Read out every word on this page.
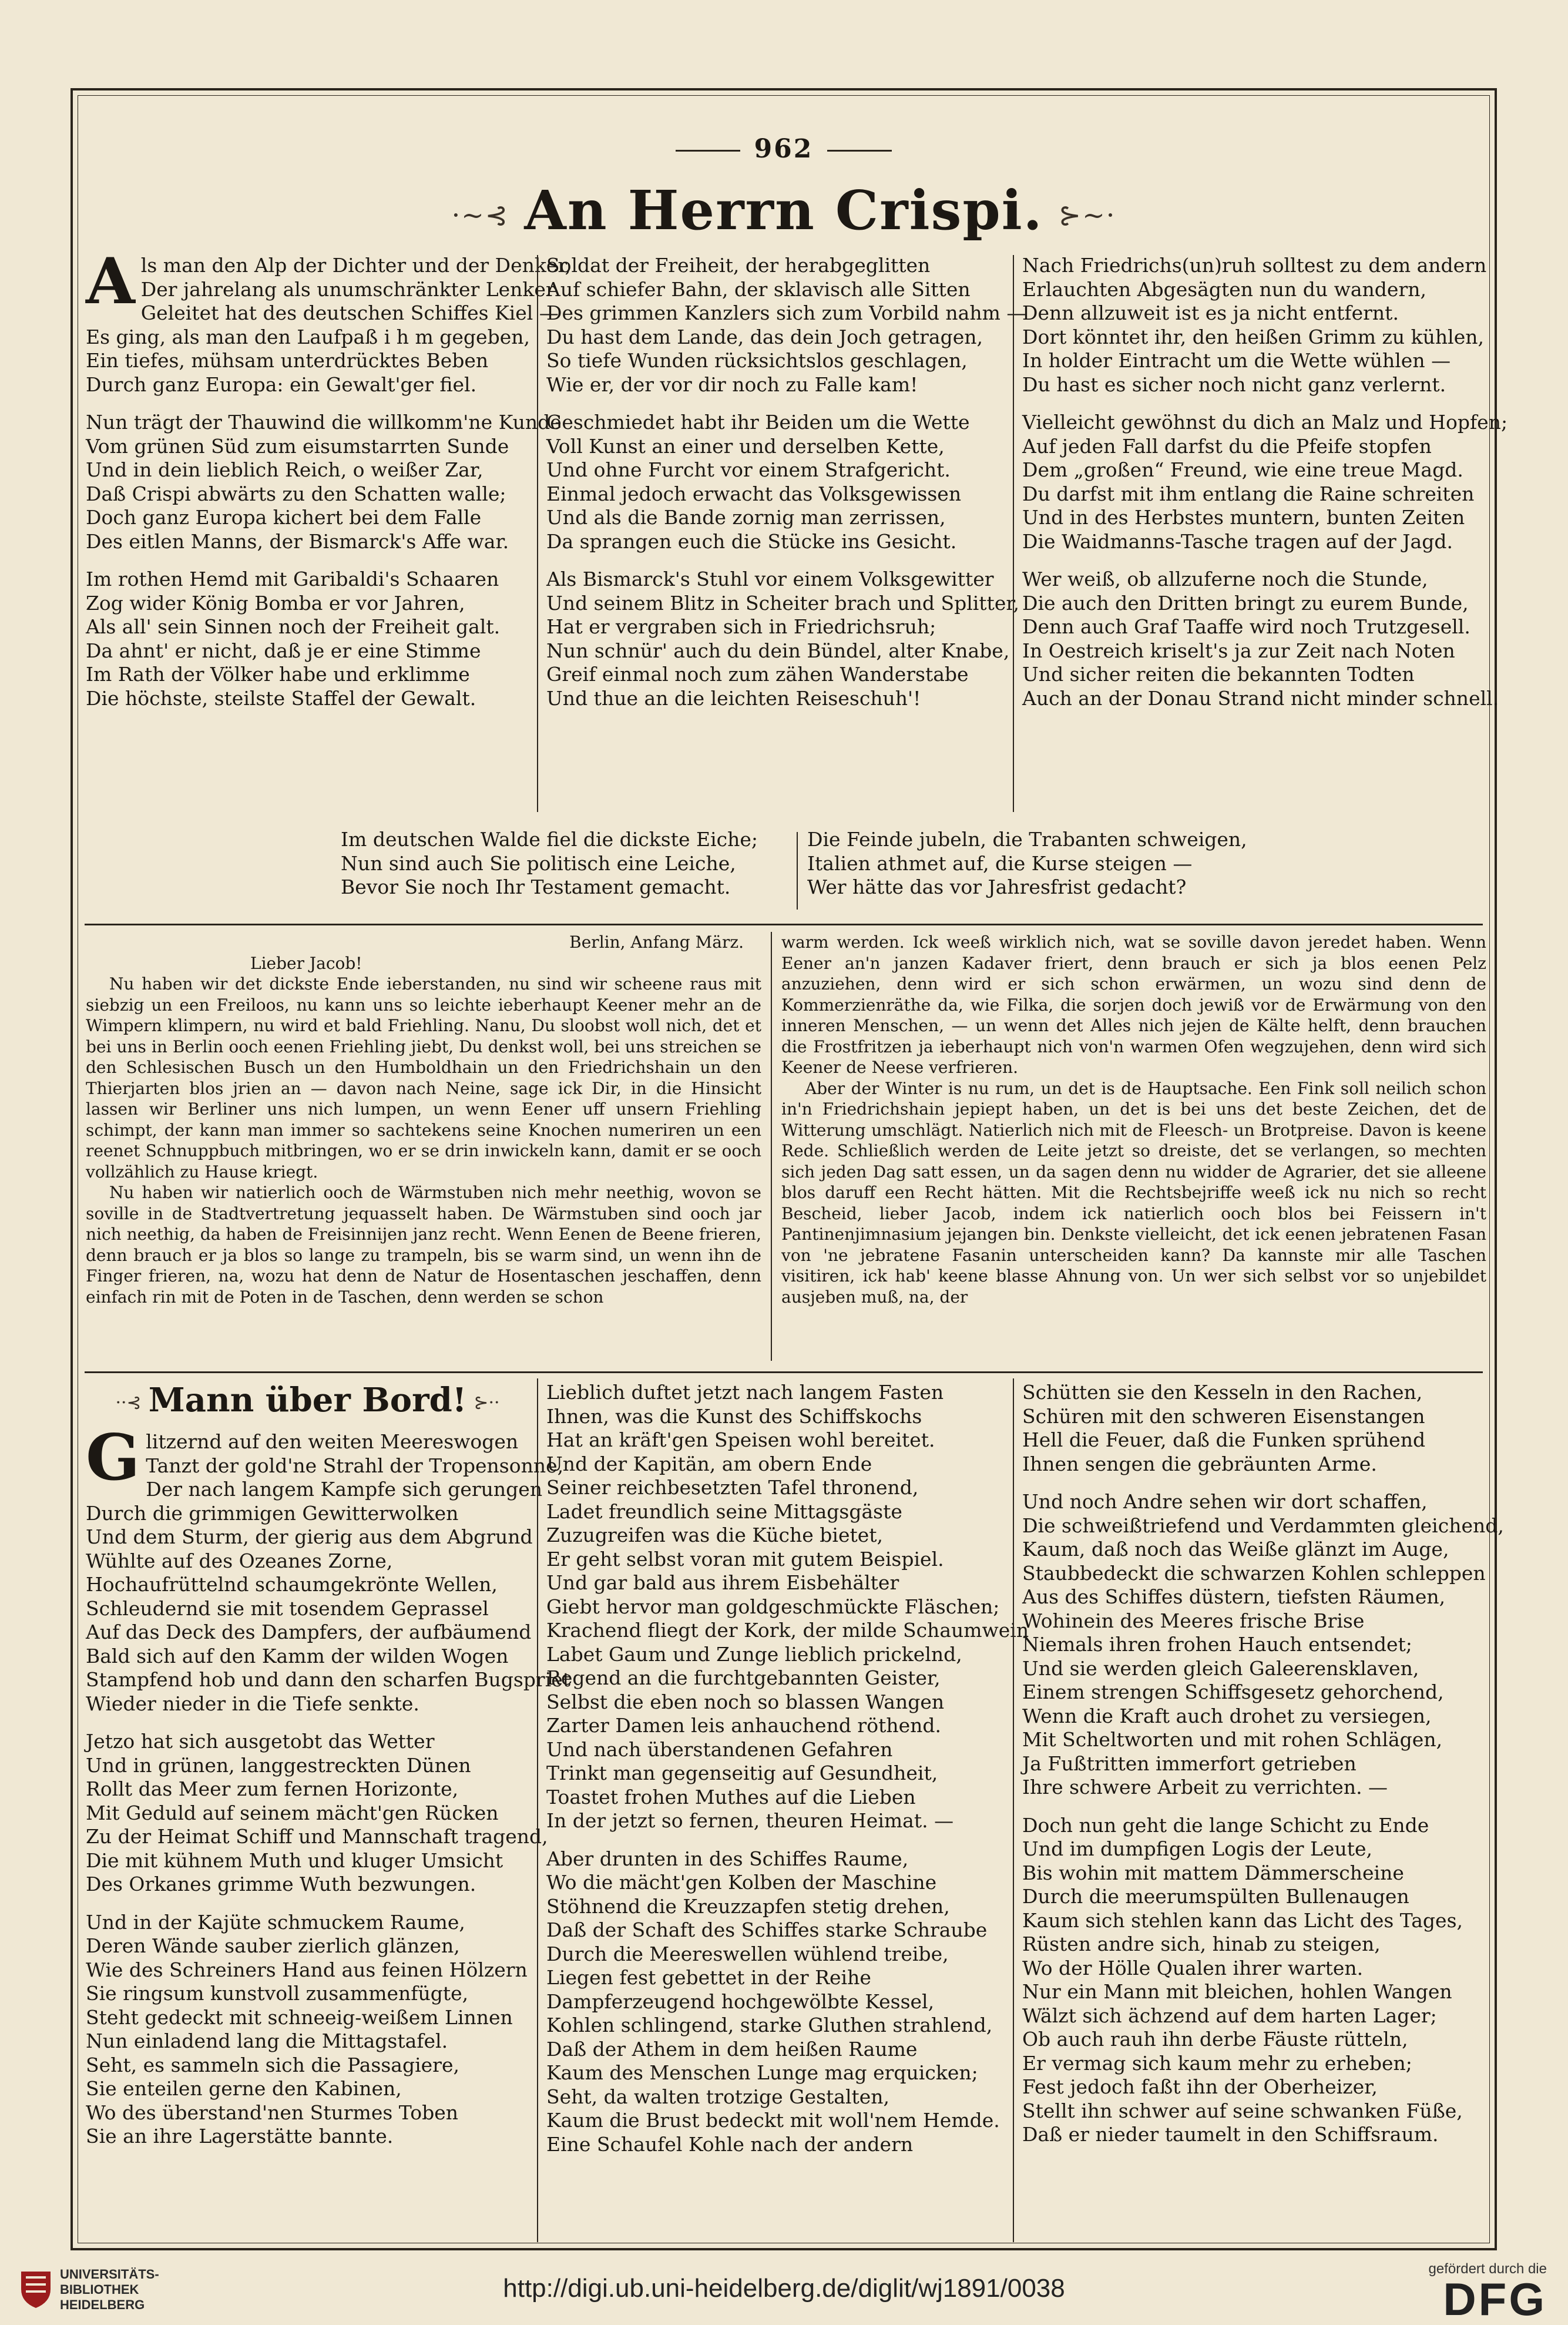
962
·~⊰ An Herrn Crispi. ⊱~·

Als man den Alp der Dichter und der Denker,

Der jahrelang als unumschränkter Lenker

Geleitet hat des deutschen Schiffes Kiel —

Es ging, als man den Laufpaß i h m gegeben,

Ein tiefes, mühsam unterdrücktes Beben

Durch ganz Europa: ein Gewalt'ger fiel.

Nun trägt der Thauwind die willkomm'ne Kunde

Vom grünen Süd zum eisumstarrten Sunde

Und in dein lieblich Reich, o weißer Zar,

Daß Crispi abwärts zu den Schatten walle;

Doch ganz Europa kichert bei dem Falle

Des eitlen Manns, der Bismarck's Affe war.

Im rothen Hemd mit Garibaldi's Schaaren

Zog wider König Bomba er vor Jahren,

Als all' sein Sinnen noch der Freiheit galt.

Da ahnt' er nicht, daß je er eine Stimme

Im Rath der Völker habe und erklimme

Die höchste, steilste Staffel der Gewalt.

Soldat der Freiheit, der herabgeglitten

Auf schiefer Bahn, der sklavisch alle Sitten

Des grimmen Kanzlers sich zum Vorbild nahm —

Du hast dem Lande, das dein Joch getragen,

So tiefe Wunden rücksichtslos geschlagen,

Wie er, der vor dir noch zu Falle kam!

Geschmiedet habt ihr Beiden um die Wette

Voll Kunst an einer und derselben Kette,

Und ohne Furcht vor einem Strafgericht.

Einmal jedoch erwacht das Volksgewissen

Und als die Bande zornig man zerrissen,

Da sprangen euch die Stücke ins Gesicht.

Als Bismarck's Stuhl vor einem Volksgewitter

Und seinem Blitz in Scheiter brach und Splitter,

Hat er vergraben sich in Friedrichsruh;

Nun schnür' auch du dein Bündel, alter Knabe,

Greif einmal noch zum zähen Wanderstabe

Und thue an die leichten Reiseschuh'!

Nach Friedrichs(un)ruh solltest zu dem andern

Erlauchten Abgesägten nun du wandern,

Denn allzuweit ist es ja nicht entfernt.

Dort könntet ihr, den heißen Grimm zu kühlen,

In holder Eintracht um die Wette wühlen —

Du hast es sicher noch nicht ganz verlernt.

Vielleicht gewöhnst du dich an Malz und Hopfen;

Auf jeden Fall darfst du die Pfeife stopfen

Dem „großen“ Freund, wie eine treue Magd.

Du darfst mit ihm entlang die Raine schreiten

Und in des Herbstes muntern, bunten Zeiten

Die Waidmanns-Tasche tragen auf der Jagd.

Wer weiß, ob allzuferne noch die Stunde,

Die auch den Dritten bringt zu eurem Bunde,

Denn auch Graf Taaffe wird noch Trutzgesell.

In Oestreich kriselt's ja zur Zeit nach Noten

Und sicher reiten die bekannten Todten

Auch an der Donau Strand nicht minder schnell.

Im deutschen Walde fiel die dickste Eiche;

Nun sind auch Sie politisch eine Leiche,

Bevor Sie noch Ihr Testament gemacht.

Die Feinde jubeln, die Trabanten schweigen,

Italien athmet auf, die Kurse steigen —

Wer hätte das vor Jahresfrist gedacht?

Berlin, Anfang März.
Lieber Jacob!

Nu haben wir det dickste Ende ieberstanden, nu sind wir scheene raus mit siebzig un een Freiloos, nu kann uns so leichte ieberhaupt Keener mehr an de Wimpern klimpern, nu wird et bald Friehling. Nanu, Du sloobst woll nich, det et bei uns in Berlin ooch eenen Friehling jiebt, Du denkst woll, bei uns streichen se den Schlesischen Busch un den Humboldhain un den Friedrichshain un den Thierjarten blos jrien an — davon nach Neine, sage ick Dir, in die Hinsicht lassen wir Berliner uns nich lumpen, un wenn Eener uff unsern Friehling schimpt, der kann man immer so sachtekens seine Knochen numeriren un een reenet Schnuppbuch mitbringen, wo er se drin inwickeln kann, damit er se ooch vollzählich zu Hause kriegt.

Nu haben wir natierlich ooch de Wärmstuben nich mehr neethig, wovon se soville in de Stadtvertretung jequasselt haben. De Wärmstuben sind ooch jar nich neethig, da haben de Freisinnijen janz recht. Wenn Eenen de Beene frieren, denn brauch er ja blos so lange zu trampeln, bis se warm sind, un wenn ihn de Finger frieren, na, wozu hat denn de Natur de Hosentaschen jeschaffen, denn einfach rin mit de Poten in de Taschen, denn werden se schon

warm werden. Ick weeß wirklich nich, wat se soville davon jeredet haben. Wenn Eener an'n janzen Kadaver friert, denn brauch er sich ja blos eenen Pelz anzuziehen, denn wird er sich schon erwärmen, un wozu sind denn de Kommerzienräthe da, wie Filka, die sorjen doch jewiß vor de Erwärmung von den inneren Menschen, — un wenn det Alles nich jejen de Kälte helft, denn brauchen die Frostfritzen ja ieberhaupt nich von'n warmen Ofen wegzujehen, denn wird sich Keener de Neese verfrieren.

Aber der Winter is nu rum, un det is de Hauptsache. Een Fink soll neilich schon in'n Friedrichshain jepiept haben, un det is bei uns det beste Zeichen, det de Witterung umschlägt. Natierlich nich mit de Fleesch- un Brotpreise. Davon is keene Rede. Schließlich werden de Leite jetzt so dreiste, det se verlangen, so mechten sich jeden Dag satt essen, un da sagen denn nu widder de Agrarier, det sie alleene blos daruff een Recht hätten. Mit die Rechtsbejriffe weeß ick nu nich so recht Bescheid, lieber Jacob, indem ick natierlich ooch blos bei Feissern in't Pantinenjimnasium jejangen bin. Denkste vielleicht, det ick eenen jebratenen Fasan von 'ne jebratene Fasanin unterscheiden kann? Da kannste mir alle Taschen visitiren, ick hab' keene blasse Ahnung von. Un wer sich selbst vor so unjebildet ausjeben muß, na, der

··⊰ Mann über Bord! ⊱··

Glitzernd auf den weiten Meereswogen

Tanzt der gold'ne Strahl der Tropensonne,

Der nach langem Kampfe sich gerungen

Durch die grimmigen Gewitterwolken

Und dem Sturm, der gierig aus dem Abgrund

Wühlte auf des Ozeanes Zorne,

Hochaufrüttelnd schaumgekrönte Wellen,

Schleudernd sie mit tosendem Geprassel

Auf das Deck des Dampfers, der aufbäumend

Bald sich auf den Kamm der wilden Wogen

Stampfend hob und dann den scharfen Bugspriet

Wieder nieder in die Tiefe senkte.

Jetzo hat sich ausgetobt das Wetter

Und in grünen, langgestreckten Dünen

Rollt das Meer zum fernen Horizonte,

Mit Geduld auf seinem mächt'gen Rücken

Zu der Heimat Schiff und Mannschaft tragend,

Die mit kühnem Muth und kluger Umsicht

Des Orkanes grimme Wuth bezwungen.

Und in der Kajüte schmuckem Raume,

Deren Wände sauber zierlich glänzen,

Wie des Schreiners Hand aus feinen Hölzern

Sie ringsum kunstvoll zusammenfügte,

Steht gedeckt mit schneeig-weißem Linnen

Nun einladend lang die Mittagstafel.

Seht, es sammeln sich die Passagiere,

Sie enteilen gerne den Kabinen,

Wo des überstand'nen Sturmes Toben

Sie an ihre Lagerstätte bannte.

Lieblich duftet jetzt nach langem Fasten

Ihnen, was die Kunst des Schiffskochs

Hat an kräft'gen Speisen wohl bereitet.

Und der Kapitän, am obern Ende

Seiner reichbesetzten Tafel thronend,

Ladet freundlich seine Mittagsgäste

Zuzugreifen was die Küche bietet,

Er geht selbst voran mit gutem Beispiel.

Und gar bald aus ihrem Eisbehälter

Giebt hervor man goldgeschmückte Fläschen;

Krachend fliegt der Kork, der milde Schaumwein

Labet Gaum und Zunge lieblich prickelnd,

Regend an die furchtgebannten Geister,

Selbst die eben noch so blassen Wangen

Zarter Damen leis anhauchend röthend.

Und nach überstandenen Gefahren

Trinkt man gegenseitig auf Gesundheit,

Toastet frohen Muthes auf die Lieben

In der jetzt so fernen, theuren Heimat. —

Aber drunten in des Schiffes Raume,

Wo die mächt'gen Kolben der Maschine

Stöhnend die Kreuzzapfen stetig drehen,

Daß der Schaft des Schiffes starke Schraube

Durch die Meereswellen wühlend treibe,

Liegen fest gebettet in der Reihe

Dampferzeugend hochgewölbte Kessel,

Kohlen schlingend, starke Gluthen strahlend,

Daß der Athem in dem heißen Raume

Kaum des Menschen Lunge mag erquicken;

Seht, da walten trotzige Gestalten,

Kaum die Brust bedeckt mit woll'nem Hemde.

Eine Schaufel Kohle nach der andern

Schütten sie den Kesseln in den Rachen,

Schüren mit den schweren Eisenstangen

Hell die Feuer, daß die Funken sprühend

Ihnen sengen die gebräunten Arme.

Und noch Andre sehen wir dort schaffen,

Die schweißtriefend und Verdammten gleichend,

Kaum, daß noch das Weiße glänzt im Auge,

Staubbedeckt die schwarzen Kohlen schleppen

Aus des Schiffes düstern, tiefsten Räumen,

Wohinein des Meeres frische Brise

Niemals ihren frohen Hauch entsendet;

Und sie werden gleich Galeerensklaven,

Einem strengen Schiffsgesetz gehorchend,

Wenn die Kraft auch drohet zu versiegen,

Mit Scheltworten und mit rohen Schlägen,

Ja Fußtritten immerfort getrieben

Ihre schwere Arbeit zu verrichten. —

Doch nun geht die lange Schicht zu Ende

Und im dumpfigen Logis der Leute,

Bis wohin mit mattem Dämmerscheine

Durch die meerumspülten Bullenaugen

Kaum sich stehlen kann das Licht des Tages,

Rüsten andre sich, hinab zu steigen,

Wo der Hölle Qualen ihrer warten.

Nur ein Mann mit bleichen, hohlen Wangen

Wälzt sich ächzend auf dem harten Lager;

Ob auch rauh ihn derbe Fäuste rütteln,

Er vermag sich kaum mehr zu erheben;

Fest jedoch faßt ihn der Oberheizer,

Stellt ihn schwer auf seine schwanken Füße,

Daß er nieder taumelt in den Schiffsraum.

UNIVERSITÄTS-
BIBLIOTHEK
HEIDELBERG
http://digi.ub.uni-heidelberg.de/diglit/wj1891/0038
gefördert durch die
DFG
